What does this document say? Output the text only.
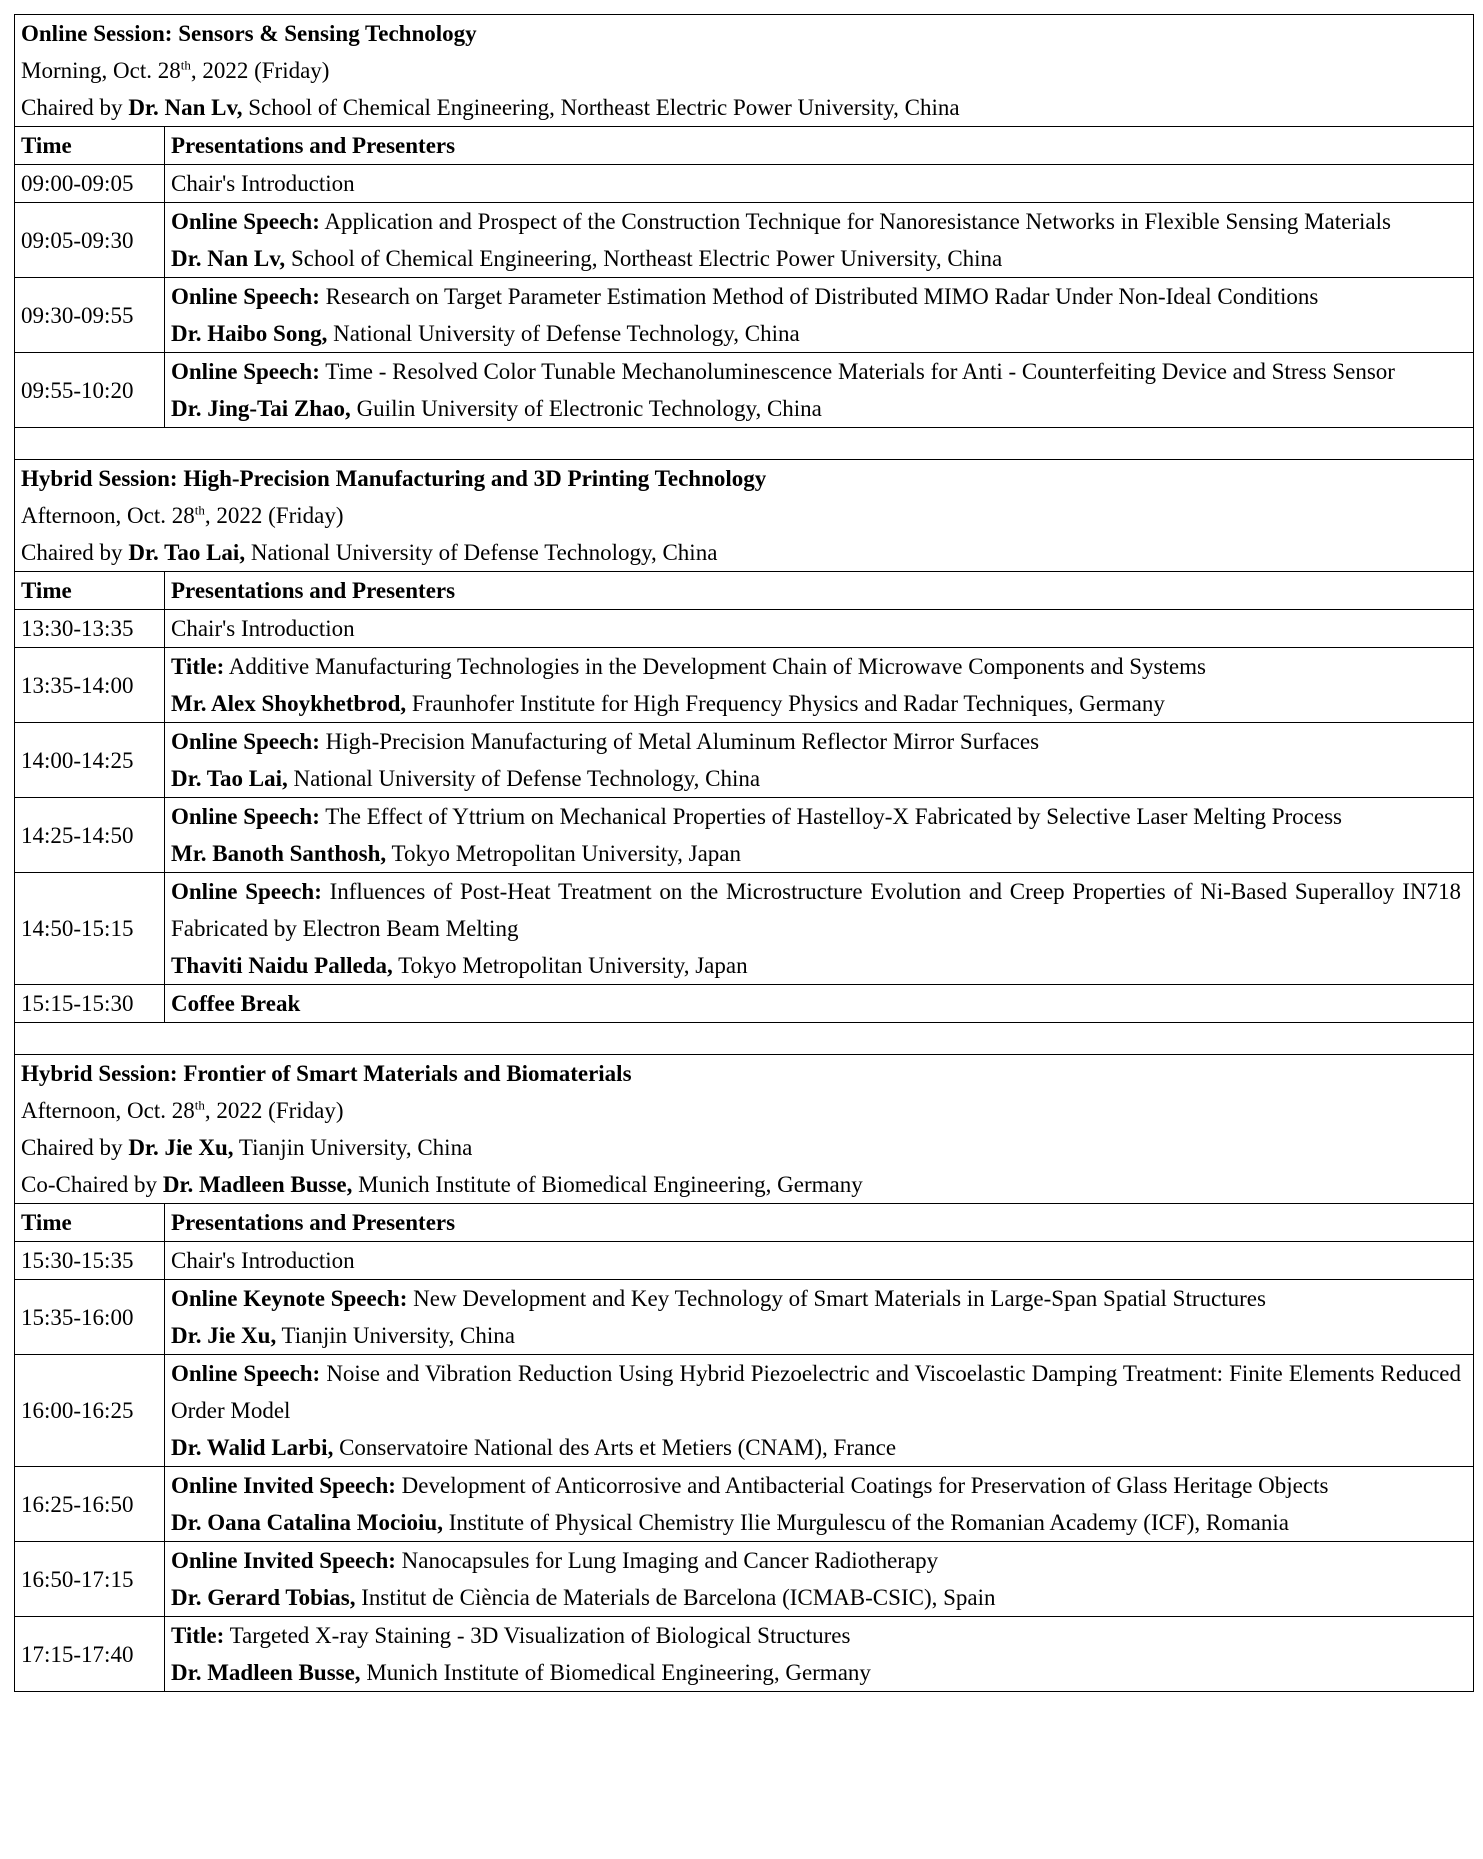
Online Session: Sensors & Sensing Technology
Morning, Oct. 28th, 2022 (Friday)
Chaired by Dr. Nan Lv, School of Chemical Engineering, Northeast Electric Power University, China	

Time	Presentations and Presenters
09:00-09:05	Chair's Introduction
09:05-09:30	Online Speech: Application and Prospect of the Construction Technique for Nanoresistance Networks in Flexible Sensing Materials
Dr. Nan Lv, School of Chemical Engineering, Northeast Electric Power University, China

09:30-09:55	Online Speech: Research on Target Parameter Estimation Method of Distributed MIMO Radar Under Non-Ideal Conditions
Dr. Haibo Song, National University of Defense Technology, China

09:55-10:20	Online Speech: Time - Resolved Color Tunable Mechanoluminescence Materials for Anti - Counterfeiting Device and Stress Sensor
Dr. Jing-Tai Zhao, Guilin University of Electronic Technology, China

Hybrid Session: High-Precision Manufacturing and 3D Printing Technology
Afternoon, Oct. 28th, 2022 (Friday)
Chaired by Dr. Tao Lai, National University of Defense Technology, China	

Time	Presentations and Presenters
13:30-13:35	Chair's Introduction
13:35-14:00	Title: Additive Manufacturing Technologies in the Development Chain of Microwave Components and Systems
Mr. Alex Shoykhetbrod, Fraunhofer Institute for High Frequency Physics and Radar Techniques, Germany

14:00-14:25	Online Speech: High-Precision Manufacturing of Metal Aluminum Reflector Mirror Surfaces
Dr. Tao Lai, National University of Defense Technology, China

14:25-14:50	Online Speech: The Effect of Yttrium on Mechanical Properties of Hastelloy-X Fabricated by Selective Laser Melting Process
Mr. Banoth Santhosh, Tokyo Metropolitan University, Japan

14:50-15:15	Online Speech: Influences of Post-Heat Treatment on the Microstructure Evolution and Creep Properties of Ni-Based Superalloy IN718 Fabricated by Electron Beam Melting
Thaviti Naidu Palleda, Tokyo Metropolitan University, Japan

15:15-15:30	Coffee Break

Hybrid Session: Frontier of Smart Materials and Biomaterials
Afternoon, Oct. 28th, 2022 (Friday)
Chaired by Dr. Jie Xu, Tianjin University, China
Co-Chaired by Dr. Madleen Busse, Munich Institute of Biomedical Engineering, Germany	

Time	Presentations and Presenters
15:30-15:35	Chair's Introduction
15:35-16:00	Online Keynote Speech: New Development and Key Technology of Smart Materials in Large-Span Spatial Structures
Dr. Jie Xu, Tianjin University, China

16:00-16:25	Online Speech: Noise and Vibration Reduction Using Hybrid Piezoelectric and Viscoelastic Damping Treatment: Finite Elements Reduced Order Model
Dr. Walid Larbi, Conservatoire National des Arts et Metiers (CNAM), France

16:25-16:50	Online Invited Speech: Development of Anticorrosive and Antibacterial Coatings for Preservation of Glass Heritage Objects
Dr. Oana Catalina Mocioiu, Institute of Physical Chemistry Ilie Murgulescu of the Romanian Academy (ICF), Romania

16:50-17:15	Online Invited Speech: Nanocapsules for Lung Imaging and Cancer Radiotherapy
Dr. Gerard Tobias, Institut de Ciència de Materials de Barcelona (ICMAB-CSIC), Spain

17:15-17:40	Title: Targeted X-ray Staining - 3D Visualization of Biological Structures
Dr. Madleen Busse, Munich Institute of Biomedical Engineering, Germany
